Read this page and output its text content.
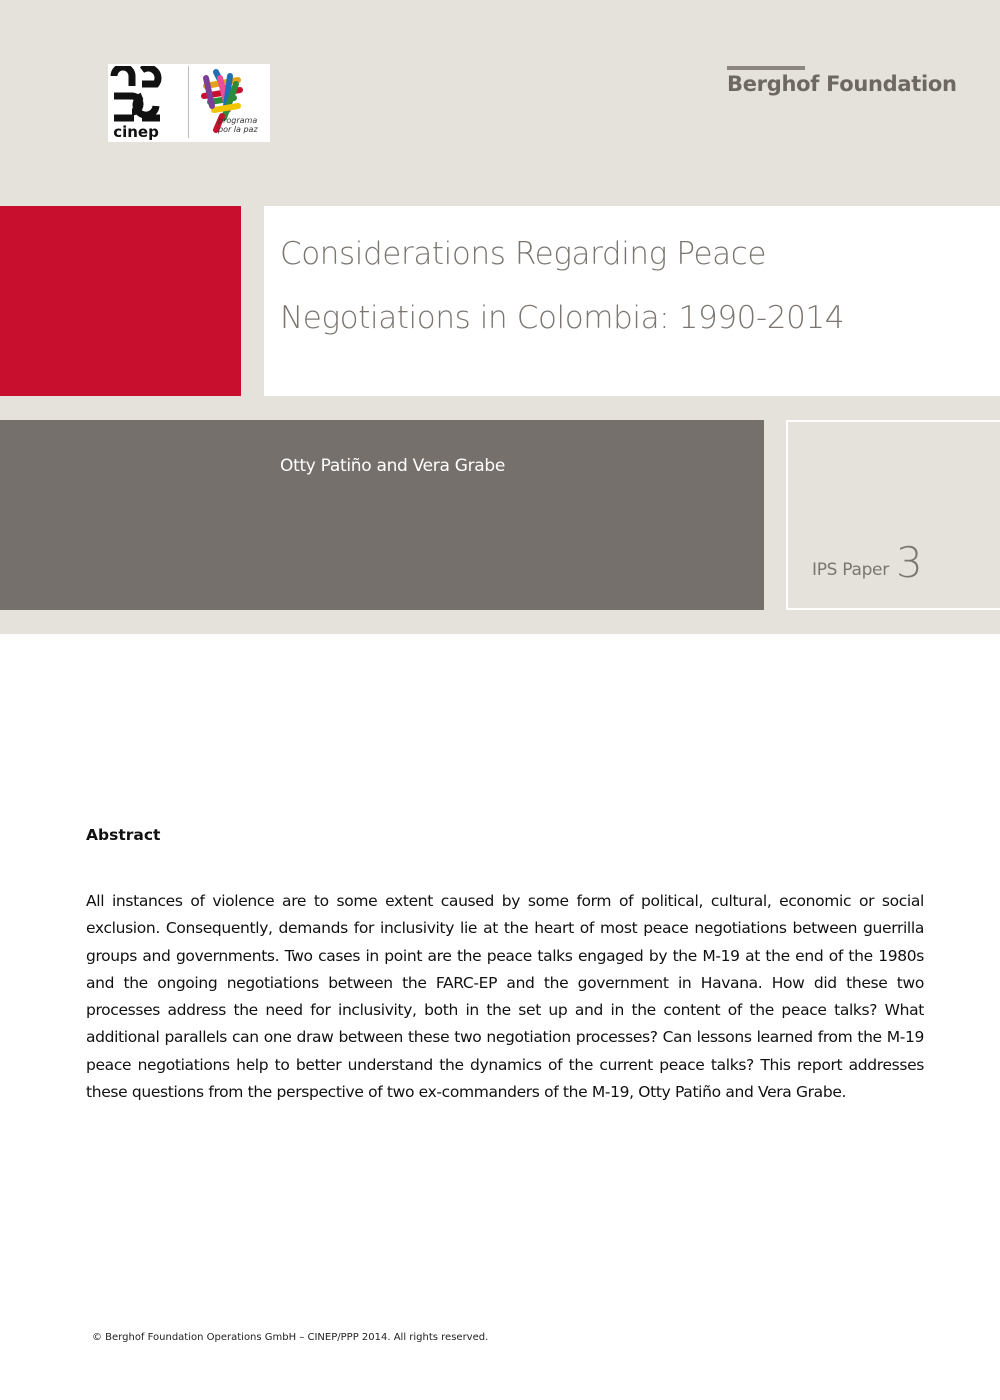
cinep
programa
por la paz
Berghof Foundation
Considerations Regarding Peace
Negotiations in Colombia: 1990-2014
Otty Patiño and Vera Grabe
IPS Paper 3
Abstract

All instances of violence are to some extent caused by some form of political, cultural, economic or social exclusion. Consequently, demands for inclusivity lie at the heart of most peace negotiations between guerrilla groups and governments. Two cases in point are the peace talks engaged by the M-19 at the end of the 1980s and the ongoing negotiations between the FARC-EP and the government in Havana. How did these two processes address the need for inclusivity, both in the set up and in the content of the peace talks? What additional parallels can one draw between these two negotiation processes? Can lessons learned from the M-19 peace negotiations help to better understand the dynamics of the current peace talks? This report addresses these questions from the perspective of two ex-commanders of the M-19, Otty Patiño and Vera Grabe.

© Berghof Foundation Operations GmbH – CINEP/PPP 2014. All rights reserved.
